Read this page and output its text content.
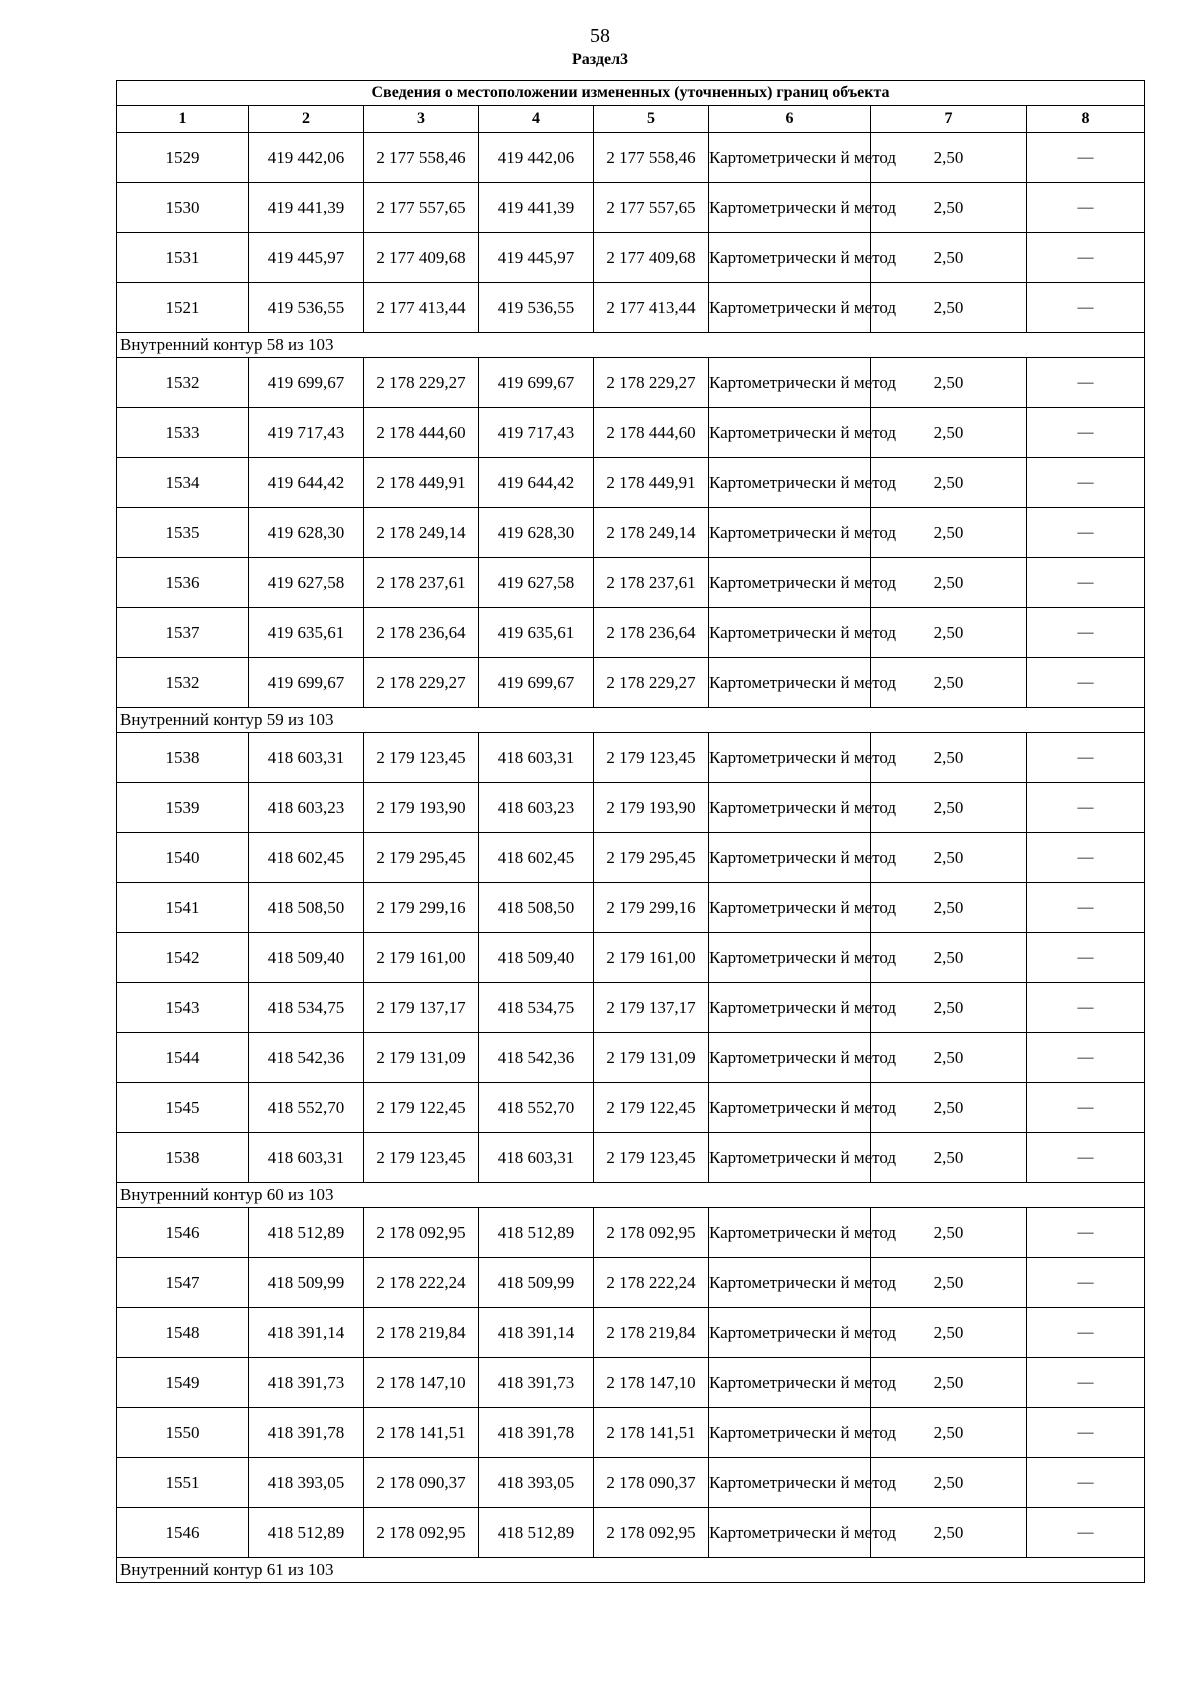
58
Раздел3
Сведения о местоположении измененных (уточненных) границ объекта							
1	2	3	4	5	6	7	8
1529	419 442,06	2 177 558,46	419 442,06	2 177 558,46	Картометрически й метод	2,50	—
1530	419 441,39	2 177 557,65	419 441,39	2 177 557,65	Картометрически й метод	2,50	—
1531	419 445,97	2 177 409,68	419 445,97	2 177 409,68	Картометрически й метод	2,50	—
1521	419 536,55	2 177 413,44	419 536,55	2 177 413,44	Картометрически й метод	2,50	—
Внутренний контур 58 из 103							
1532	419 699,67	2 178 229,27	419 699,67	2 178 229,27	Картометрически й метод	2,50	—
1533	419 717,43	2 178 444,60	419 717,43	2 178 444,60	Картометрически й метод	2,50	—
1534	419 644,42	2 178 449,91	419 644,42	2 178 449,91	Картометрически й метод	2,50	—
1535	419 628,30	2 178 249,14	419 628,30	2 178 249,14	Картометрически й метод	2,50	—
1536	419 627,58	2 178 237,61	419 627,58	2 178 237,61	Картометрически й метод	2,50	—
1537	419 635,61	2 178 236,64	419 635,61	2 178 236,64	Картометрически й метод	2,50	—
1532	419 699,67	2 178 229,27	419 699,67	2 178 229,27	Картометрически й метод	2,50	—
Внутренний контур 59 из 103							
1538	418 603,31	2 179 123,45	418 603,31	2 179 123,45	Картометрически й метод	2,50	—
1539	418 603,23	2 179 193,90	418 603,23	2 179 193,90	Картометрически й метод	2,50	—
1540	418 602,45	2 179 295,45	418 602,45	2 179 295,45	Картометрически й метод	2,50	—
1541	418 508,50	2 179 299,16	418 508,50	2 179 299,16	Картометрически й метод	2,50	—
1542	418 509,40	2 179 161,00	418 509,40	2 179 161,00	Картометрически й метод	2,50	—
1543	418 534,75	2 179 137,17	418 534,75	2 179 137,17	Картометрически й метод	2,50	—
1544	418 542,36	2 179 131,09	418 542,36	2 179 131,09	Картометрически й метод	2,50	—
1545	418 552,70	2 179 122,45	418 552,70	2 179 122,45	Картометрически й метод	2,50	—
1538	418 603,31	2 179 123,45	418 603,31	2 179 123,45	Картометрически й метод	2,50	—
Внутренний контур 60 из 103							
1546	418 512,89	2 178 092,95	418 512,89	2 178 092,95	Картометрически й метод	2,50	—
1547	418 509,99	2 178 222,24	418 509,99	2 178 222,24	Картометрически й метод	2,50	—
1548	418 391,14	2 178 219,84	418 391,14	2 178 219,84	Картометрически й метод	2,50	—
1549	418 391,73	2 178 147,10	418 391,73	2 178 147,10	Картометрически й метод	2,50	—
1550	418 391,78	2 178 141,51	418 391,78	2 178 141,51	Картометрически й метод	2,50	—
1551	418 393,05	2 178 090,37	418 393,05	2 178 090,37	Картометрически й метод	2,50	—
1546	418 512,89	2 178 092,95	418 512,89	2 178 092,95	Картометрически й метод	2,50	—
Внутренний контур 61 из 103							
